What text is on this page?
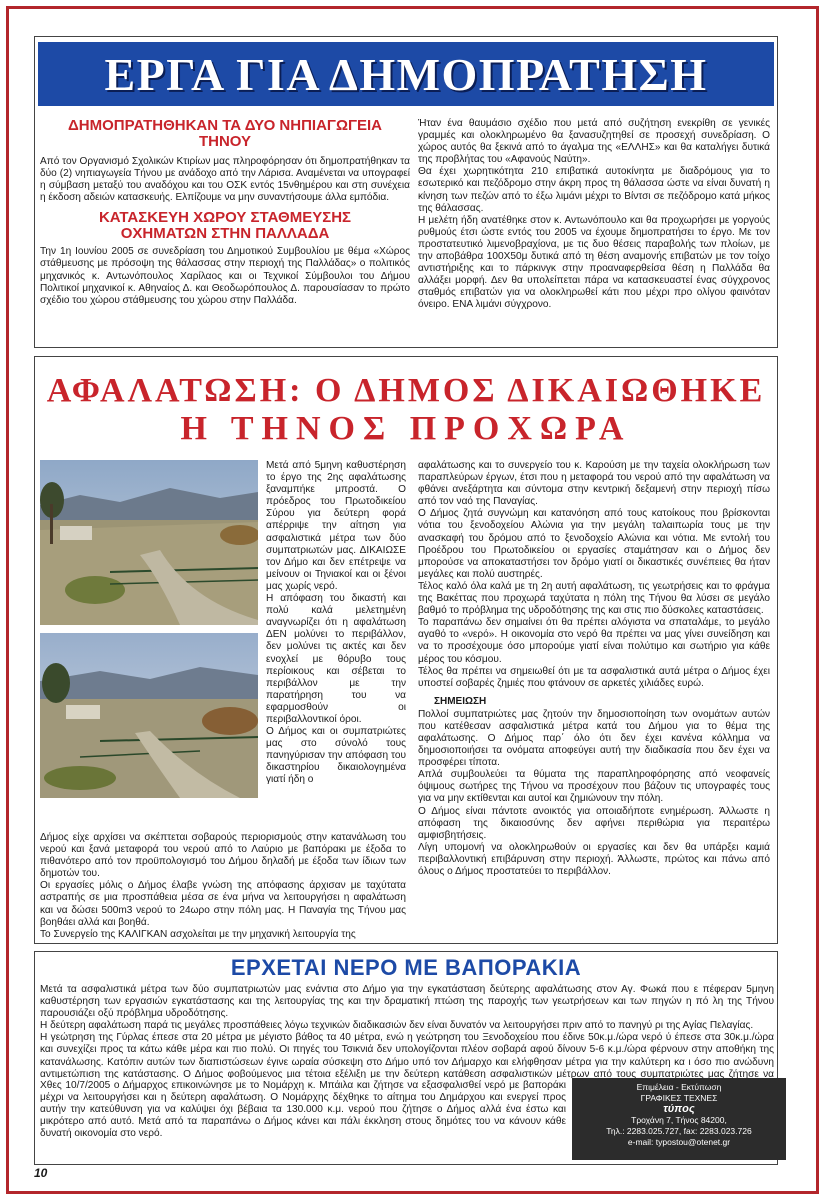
ΕΡΓΑ ΓΙΑ ΔΗΜΟΠΡΑΤΗΣΗ
ΔΗΜΟΠΡΑΤΗΘΗΚΑΝ ΤΑ ΔΥΟ ΝΗΠΙΑΓΩΓΕΙΑ ΤΗΝΟΥ
Από τον Οργανισμό Σχολικών Κτιρίων μας πληροφόρησαν ότι δημοπρατήθηκαν τα δύο (2) νηπιαγωγεία Τήνου με ανάδοχο από την Λάρισα. Αναμένεται να υπογραφεί η σύμβαση μεταξύ του αναδόχου και του ΟΣΚ εντός 15νθημέρου και στη συνέχεια η έκδοση αδειών κατασκευής. Ελπίζουμε να μην συναντήσουμε άλλα εμπόδια.
ΚΑΤΑΣΚΕΥΗ ΧΩΡΟΥ ΣΤΑΘΜΕΥΣΗΣ ΟΧΗΜΑΤΩΝ ΣΤΗΝ ΠΑΛΛΑΔΑ
Την 1η Ιουνίου 2005 σε συνεδρίαση του Δημοτικού Συμβουλίου με θέμα «Χώρος στάθμευσης με πρόσοψη της θάλασσας στην περιοχή της Παλλάδας» ο πολιτικός μηχανικός κ. Αντωνόπουλος Χαρίλαος και οι Τεχνικοί Σύμβουλοι του Δήμου Πολιτικοί μηχανικοί κ. Αθηναίος Δ. και Θεοδωρόπουλος Δ. παρουσίασαν το πρώτο σχέδιο του χώρου στάθμευσης του χώρου στην Παλλάδα.
Ήταν ένα θαυμάσιο σχέδιο που μετά από συζήτηση ενεκρίθη σε γενικές γραμμές και ολοκληρωμένο θα ξανασυζητηθεί σε προσεχή συνεδρίαση. Ο χώρος αυτός θα ξεκινά από το άγαλμα της «ΕΛΛΗΣ» και θα καταλήγει δυτικά της προβλήτας του «Αφανούς Ναύτη».
Θα έχει χωρητικότητα 210 επιβατικά αυτοκίνητα με διαδρόμους για το εσωτερικό και πεζόδρομο στην άκρη προς τη θάλασσα ώστε να είναι δυνατή η κίνηση των πεζών από το έξω λιμάνι μέχρι το Βίντσι σε πεζόδρομο κατά μήκος της θάλασσας.
Η μελέτη ήδη ανατέθηκε στον κ. Αντωνόπουλο και θα προχωρήσει με γοργούς ρυθμούς έτσι ώστε εντός του 2005 να έχουμε δημοπρατήσει το έργο. Με τον προστατευτικό λιμενοβραχίονα, με τις δυο θέσεις παραβολής των πλοίων, με την αποβάθρα 100Χ50μ δυτικά από τη θέση αναμονής επιβατών με τον τοίχο αντιστήριξης και το πάρκινγκ στην προαναφερθείσα θέση η Παλλάδα θα αλλάξει μορφή. Δεν θα υπολείπεται πάρα να κατασκευαστεί ένας σύγχρονος σταθμός επιβατών για να ολοκληρωθεί κάτι που μέχρι προ ολίγου φαινόταν όνειρο. ΕΝΑ λιμάνι σύγχρονο.
ΑΦΑΛΑΤΩΣΗ: Ο ΔΗΜΟΣ ΔΙΚΑΙΩΘΗΚΕ
Η ΤΗΝΟΣ ΠΡΟΧΩΡΑ
Μετά από 5μηνη καθυστέρηση το έργο της 2ης αφαλάτωσης ξαναμπήκε μπροστά. Ο πρόεδρος του Πρωτοδικείου Σύρου για δεύτερη φορά απέρριψε την αίτηση για ασφαλιστικά μέτρα των δύο συμπατριωτών μας. ΔΙΚΑΙΩΣΕ τον Δήμο και δεν επέτρεψε να μείνουν οι Τηνιακοί και οι ξένοι μας χωρίς νερό.
Η απόφαση του δικαστή και πολύ καλά μελετημένη αναγνωρίζει ότι η αφαλάτωση ΔΕΝ μολύνει το περιβάλλον, δεν μολύνει τις ακτές και δεν ενοχλεί με θόρυβο τους περίοικους και σέβεται το περιβάλλον με την παρατήρηση του να εφαρμοσθούν οι περιβαλλοντικοί όροι.
Ο Δήμος και οι συμπατριώτες μας στο σύνολό τους πανηγύρισαν την απόφαση του δικαστηρίου δικαιολογημένα γιατί ήδη ο
Δήμος είχε αρχίσει να σκέπτεται σοβαρούς περιορισμούς στην κατανάλωση του νερού και ξανά μεταφορά του νερού από το Λαύριο με βαπόρακι με έξοδα το πιθανότερο από τον προϋπολογισμό του Δήμου δηλαδή με έξοδα των ίδιων των δημοτών του.
Οι εργασίες μόλις ο Δήμος έλαβε γνώση της απόφασης άρχισαν με ταχύτατα αστραπής σε μια προσπάθεια μέσα σε ένα μήνα να λειτουργήσει η αφαλάτωση και να δώσει 500m3 νερού το 24ωρο στην πόλη μας. Η Παναγία της Τήνου μας βοηθάει αλλά και βοηθά.
Το Συνεργείο της ΚΑΛΙΓΚΑΝ ασχολείται με την μηχανική λειτουργία της
αφαλάτωσης και το συνεργείο του κ. Καρούση με την ταχεία ολοκλήρωση των παραπλεύρων έργων, έτσι που η μεταφορά του νερού από την αφαλάτωση να φθάνει ανεξάρτητα και σύντομα στην κεντρική δεξαμενή στην περιοχή πίσω από τον ναό της Παναγίας.
Ο Δήμος ζητά συγνώμη και κατανόηση από τους κατοίκους που βρίσκονται νότια του ξενοδοχείου Αλώνια για την μεγάλη ταλαιπωρία τους με την ανασκαφή του δρόμου από το ξενοδοχείο Αλώνια και νότια. Με εντολή του Προέδρου του Πρωτοδικείου οι εργασίες σταμάτησαν και ο Δήμος δεν μπορούσε να αποκαταστήσει τον δρόμο γιατί οι δικαστικές συνέπειες θα ήταν μεγάλες και πολύ αυστηρές.
Τέλος καλό όλα καλά με τη 2η αυτή αφαλάτωση, τις γεωτρήσεις και το φράγμα της Βακέττας που προχωρά ταχύτατα η πόλη της Τήνου θα λύσει σε μεγάλο βαθμό το πρόβλημα της υδροδότησης της και στις πιο δύσκολες καταστάσεις.
Το παραπάνω δεν σημαίνει ότι θα πρέπει αλόγιστα να σπαταλάμε, το μεγάλο αγαθό το «νερό». Η οικονομία στο νερό θα πρέπει να μας γίνει συνείδηση και να το προσέχουμε όσο μπορούμε γιατί είναι πολύτιμο και σωτήριο για κάθε μέρος του κόσμου.
Τέλος θα πρέπει να σημειωθεί ότι με τα ασφαλιστικά αυτά μέτρα ο Δήμος έχει υποστεί σοβαρές ζημιές που φτάνουν σε αρκετές χιλιάδες ευρώ.
ΣΗΜΕΙΩΣΗ
Πολλοί συμπατριώτες μας ζητούν την δημοσιοποίηση των ονομάτων αυτών που κατέθεσαν ασφαλιστικά μέτρα κατά του Δήμου για το θέμα της αφαλάτωσης. Ο Δήμος παρ΄ όλο ότι δεν έχει κανένα κόλλημα να δημοσιοποιήσει τα ονόματα αποφεύγει αυτή την διαδικασία που δεν έχει να προσφέρει τίποτα.
Απλά συμβουλεύει τα θύματα της παραπληροφόρησης από νεοφανείς όψιμους σωτήρες της Τήνου να προσέχουν που βάζουν τις υπογραφές τους για να μην εκτίθενται και αυτοί και ζημιώνουν την πόλη.
Ο Δήμος είναι πάντοτε ανοικτός για οποιαδήποτε ενημέρωση. Άλλωστε η απόφαση της δικαιοσύνης δεν αφήνει περιθώρια για περαιτέρω αμφισβητήσεις.
Λίγη υπομονή να ολοκληρωθούν οι εργασίες και δεν θα υπάρξει καμιά περιβαλλοντική επιβάρυνση στην περιοχή. Άλλωστε, πρώτος και πάνω από όλους ο Δήμος προστατεύει το περιβάλλον.
ΕΡΧΕΤΑΙ ΝΕΡΟ ΜΕ ΒΑΠΟΡΑΚΙΑ
Μετά τα ασφαλιστικά μέτρα των δύο συμπατριωτών μας ενάντια στο Δήμο για την εγκατάσταση δεύτερης αφαλάτωσης στον Αγ. Φωκά που ε πέφεραν 5μηνη καθυστέρηση των εργασιών εγκατάστασης και της λειτουργίας της και την δραματική πτώση της παροχής των γεωτρήσεων και των πηγών η πό λη της Τήνου παρουσιάζει οξύ πρόβλημα υδροδότησης.
Η δεύτερη αφαλάτωση παρά τις μεγάλες προσπάθειες λόγω τεχνικών διαδικασιών δεν είναι δυνατόν να λειτουργήσει πριν από το πανηγύ ρι της Αγίας Πελαγίας.
Η γεώτρηση της Γύρλας έπεσε στα 20 μέτρα με μέγιστο βάθος τα 40 μέτρα, ενώ η γεώτρηση του Ξενοδοχείου που έδινε 50κ.μ./ώρα νερό ύ έπεσε στα 30κ.μ./ώρα και συνεχίζει προς τα κάτω κάθε μέρα και πιο πολύ. Οι πηγές του Τσικνιά δεν υπολογίζονται πλέον σοβαρά αφού δίνουν 5-6 κ.μ./ώρα φέρνουν στην αποθήκη της κατανάλωσης. Κατόπιν αυτών των διαπιστώσεων έγινε ωραία σύσκεψη στο Δήμο υπό τον Δήμαρχο και ελήφθησαν μέτρα για την καλύτερη κα ι όσο πιο ανώδυνη αντιμετώπιση της κατάστασης. Ο Δήμος φοβούμενος μια τέτοια εξέλιξη με την δεύτερη κατάθεση ασφαλιστικών μέτρων από τους συμπατριώτες μας ζήτησε να
Χθες 10/7/2005 ο Δήμαρχος επικοινώνησε με το Νομάρχη κ. Μπάιλα και ζήτησε να εξασφαλισθεί νερό με βαποράκι μέχρι να λειτουργήσει και η δεύτερη αφαλάτωση. Ο Νομάρχης δέχθηκε το αίτημα του Δημάρχου και ενεργεί προς αυτήν την κατεύθυνση για να καλύψει όχι βέβαια τα 130.000 κ.μ. νερού που ζήτησε ο Δήμος αλλά ένα έστω και μικρότερο από αυτό. Μετά από τα παραπάνω ο Δήμος κάνει και πάλι έκκληση στους δημότες του να κάνουν κάθε δυνατή οικονομία στο νερό.
Επιμέλεια - Εκτύπωση
ΓΡΑΦΙΚΕΣ ΤΕΧΝΕΣ
τύπος
Τροχάνη 7, Τήνος 84200,
Τηλ.: 2283.025.727, fax: 2283.023.726
e-mail: typostou@otenet.gr
10
